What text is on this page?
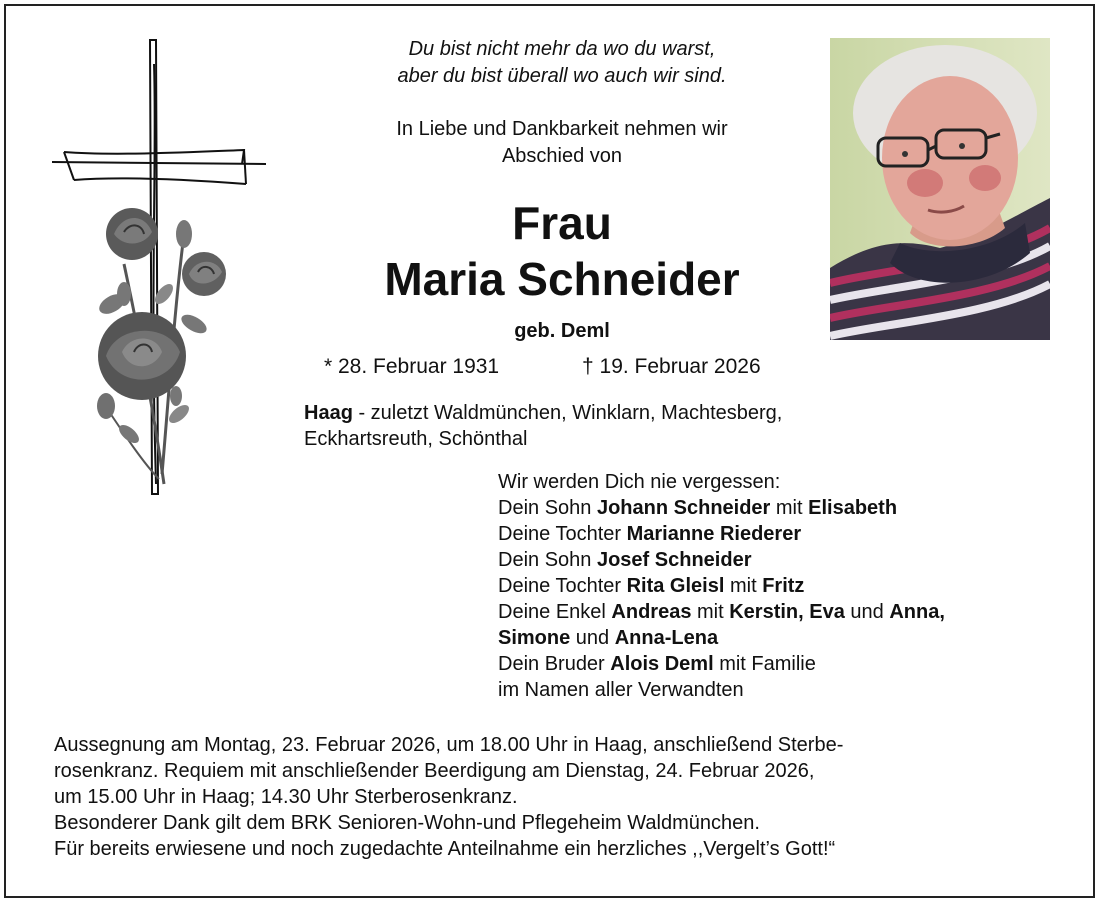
Du bist nicht mehr da wo du warst,
aber du bist überall wo auch wir sind.
In Liebe und Dankbarkeit nehmen wir
Abschied von
Frau
Maria Schneider
geb. Deml
* 28. Februar 1931	† 19. Februar 2026
Haag - zuletzt Waldmünchen, Winklarn, Machtesberg,
Eckhartsreuth, Schönthal
Wir werden Dich nie vergessen:
Dein Sohn Johann Schneider mit Elisabeth
Deine Tochter Marianne Riederer
Dein Sohn Josef Schneider
Deine Tochter Rita Gleisl mit Fritz
Deine Enkel Andreas mit Kerstin, Eva und Anna,
Simone und Anna-Lena
Dein Bruder Alois Deml mit Familie
im Namen aller Verwandten
Aussegnung am Montag, 23. Februar 2026, um 18.00 Uhr in Haag, anschließend Sterbe-
rosenkranz. Requiem mit anschließender Beerdigung am Dienstag, 24. Februar 2026,
um 15.00 Uhr in Haag; 14.30 Uhr Sterberosenkranz.
Besonderer Dank gilt dem BRK Senioren-Wohn-und Pflegeheim Waldmünchen.
Für bereits erwiesene und noch zugedachte Anteilnahme ein herzliches ,,Vergelt’s Gott!“
